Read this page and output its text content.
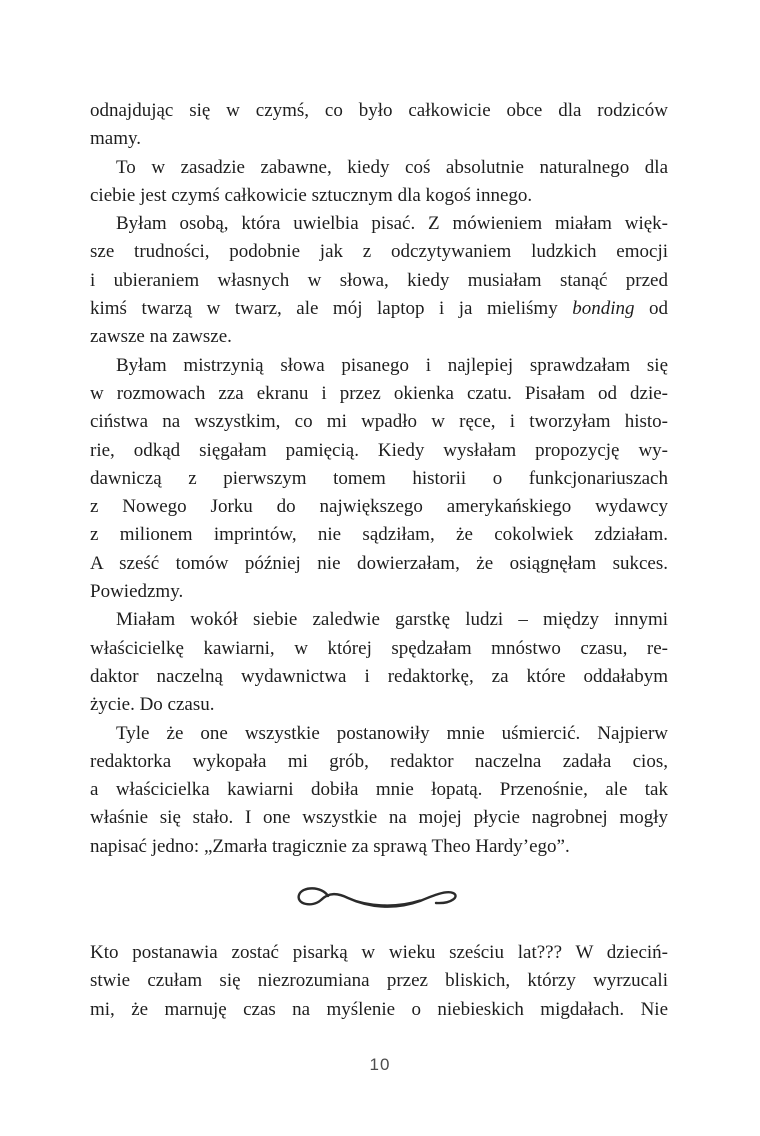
odnajdując się w czymś, co było całkowicie obce dla rodziców
mamy.
To w zasadzie zabawne, kiedy coś absolutnie naturalnego dla
ciebie jest czymś całkowicie sztucznym dla kogoś innego.
Byłam osobą, która uwielbia pisać. Z mówieniem miałam więk-
sze trudności, podobnie jak z odczytywaniem ludzkich emocji
i ubieraniem własnych w słowa, kiedy musiałam stanąć przed
kimś twarzą w twarz, ale mój laptop i ja mieliśmy bonding od
zawsze na zawsze.
Byłam mistrzynią słowa pisanego i najlepiej sprawdzałam się
w rozmowach zza ekranu i przez okienka czatu. Pisałam od dzie-
ciństwa na wszystkim, co mi wpadło w ręce, i tworzyłam histo-
rie, odkąd sięgałam pamięcią. Kiedy wysłałam propozycję wy-
dawniczą z pierwszym tomem historii o funkcjonariuszach
z Nowego Jorku do największego amerykańskiego wydawcy
z milionem imprintów, nie sądziłam, że cokolwiek zdziałam.
A sześć tomów później nie dowierzałam, że osiągnęłam sukces.
Powiedzmy.
Miałam wokół siebie zaledwie garstkę ludzi – między innymi
właścicielkę kawiarni, w której spędzałam mnóstwo czasu, re-
daktor naczelną wydawnictwa i redaktorkę, za które oddałabym
życie. Do czasu.
Tyle że one wszystkie postanowiły mnie uśmiercić. Najpierw
redaktorka wykopała mi grób, redaktor naczelna zadała cios,
a właścicielka kawiarni dobiła mnie łopatą. Przenośnie, ale tak
właśnie się stało. I one wszystkie na mojej płycie nagrobnej mogły
napisać jedno: „Zmarła tragicznie za sprawą Theo Hardy’ego”.
Kto postanawia zostać pisarką w wieku sześciu lat??? W dzieciń-
stwie czułam się niezrozumiana przez bliskich, którzy wyrzucali
mi, że marnuję czas na myślenie o niebieskich migdałach. Nie
10
